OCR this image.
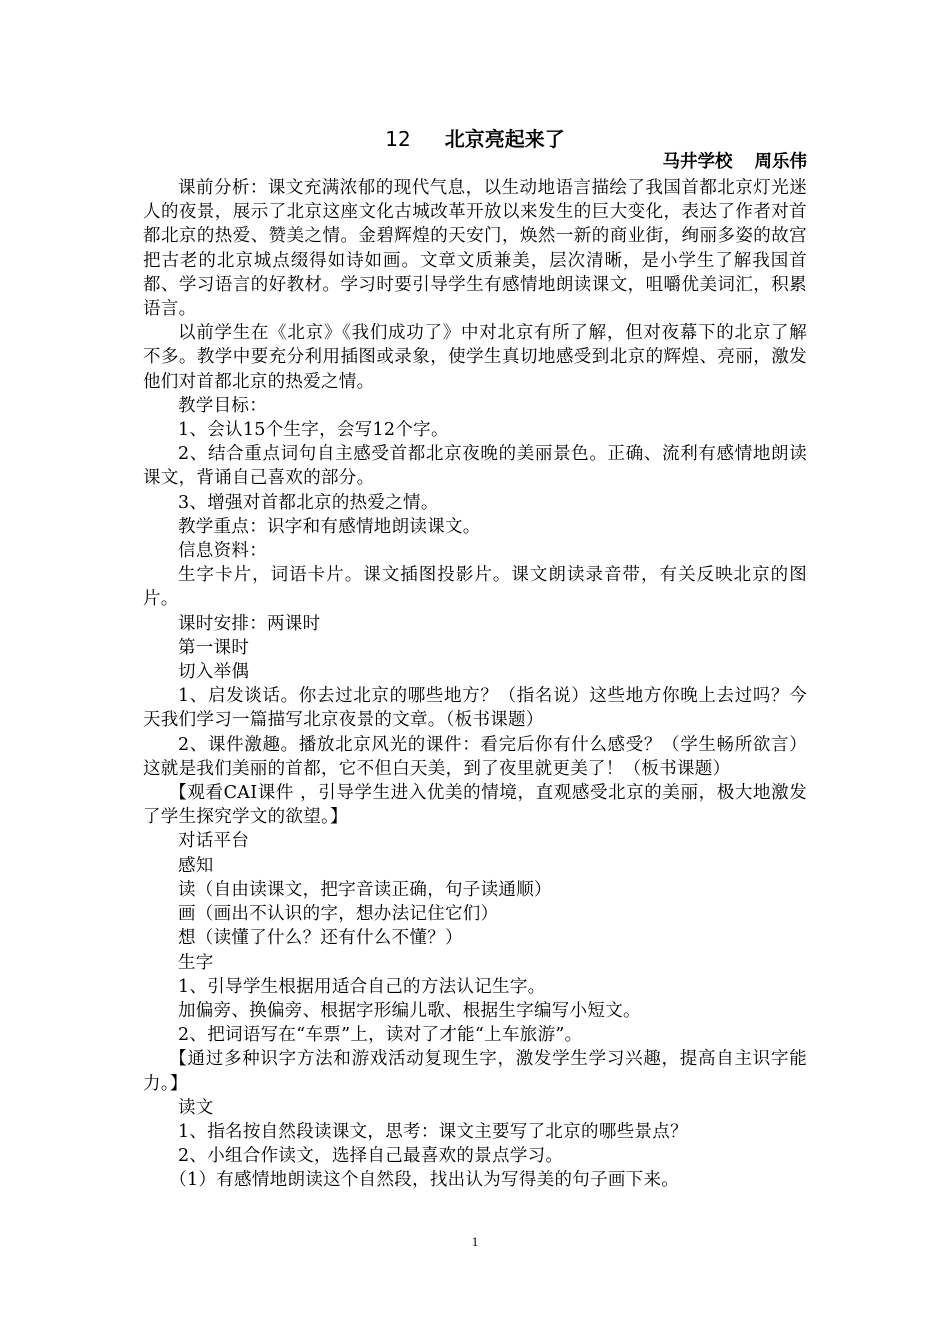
12 北京亮起来了
马井学校 周乐伟

课前分析：课文充满浓郁的现代气息，以生动地语言描绘了我国首都北京灯光迷人的夜景，展示了北京这座文化古城改革开放以来发生的巨大变化，表达了作者对首都北京的热爱、赞美之情。金碧辉煌的天安门，焕然一新的商业街，绚丽多姿的故宫把古老的北京城点缀得如诗如画。文章文质兼美，层次清晰，是小学生了解我国首都、学习语言的好教材。学习时要引导学生有感情地朗读课文，咀嚼优美词汇，积累语言。

以前学生在《北京》《我们成功了》中对北京有所了解，但对夜幕下的北京了解不多。教学中要充分利用插图或录象，使学生真切地感受到北京的辉煌、亮丽，激发他们对首都北京的热爱之情。

教学目标：

1、会认15个生字，会写12个字。

2、结合重点词句自主感受首都北京夜晚的美丽景色。正确、流利有感情地朗读课文，背诵自己喜欢的部分。

3、增强对首都北京的热爱之情。

教学重点：识字和有感情地朗读课文。

信息资料：

生字卡片，词语卡片。课文插图投影片。课文朗读录音带，有关反映北京的图片。

课时安排：两课时

第一课时

切入举偶

1、启发谈话。你去过北京的哪些地方？（指名说）这些地方你晚上去过吗？今天我们学习一篇描写北京夜景的文章。（板书课题）

2、课件激趣。播放北京风光的课件：看完后你有什么感受？（学生畅所欲言）这就是我们美丽的首都，它不但白天美，到了夜里就更美了！（板书课题）

【观看CAI课件 ，引导学生进入优美的情境，直观感受北京的美丽，极大地激发了学生探究学文的欲望。】

对话平台

感知

读（自由读课文，把字音读正确，句子读通顺）

画（画出不认识的字，想办法记住它们）

想（读懂了什么？还有什么不懂？）

生字

1、引导学生根据用适合自己的方法认记生字。

加偏旁、换偏旁、根据字形编儿歌、根据生字编写小短文。

2、把词语写在“车票”上，读对了才能“上车旅游”。

【通过多种识字方法和游戏活动复现生字，激发学生学习兴趣，提高自主识字能力。】

读文

1、指名按自然段读课文，思考：课文主要写了北京的哪些景点？

2、小组合作读文，选择自己最喜欢的景点学习。

（1）有感情地朗读这个自然段，找出认为写得美的句子画下来。

1
